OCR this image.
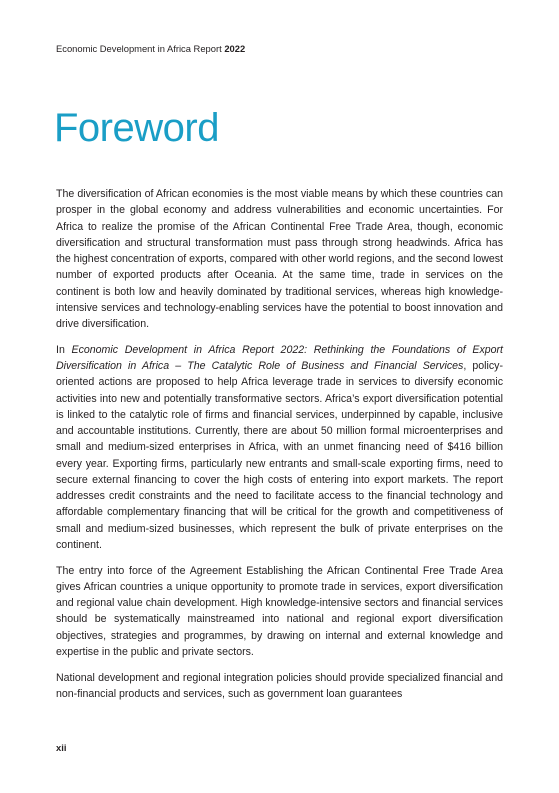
Economic Development in Africa Report 2022
Foreword

The diversification of African economies is the most viable means by which these countries can prosper in the global economy and address vulnerabilities and economic uncertainties. For Africa to realize the promise of the African Continental Free Trade Area, though, economic diversification and structural transformation must pass through strong headwinds. Africa has the highest concentration of exports, compared with other world regions, and the second lowest number of exported products after Oceania. At the same time, trade in services on the continent is both low and heavily dominated by traditional services, whereas high knowledge-intensive services and technology-enabling services have the potential to boost innovation and drive diversification.

In Economic Development in Africa Report 2022: Rethinking the Foundations of Export Diversification in Africa – The Catalytic Role of Business and Financial Services, policy-oriented actions are proposed to help Africa leverage trade in services to diversify economic activities into new and potentially transformative sectors. Africa’s export diversification potential is linked to the catalytic role of firms and financial services, underpinned by capable, inclusive and accountable institutions. Currently, there are about 50 million formal microenterprises and small and medium-sized enterprises in Africa, with an unmet financing need of $416 billion every year. Exporting firms, particularly new entrants and small-scale exporting firms, need to secure external financing to cover the high costs of entering into export markets. The report addresses credit constraints and the need to facilitate access to the financial technology and affordable complementary financing that will be critical for the growth and competitiveness of small and medium-sized businesses, which represent the bulk of private enterprises on the continent.

The entry into force of the Agreement Establishing the African Continental Free Trade Area gives African countries a unique opportunity to promote trade in services, export diversification and regional value chain development. High knowledge-intensive sectors and financial services should be systematically mainstreamed into national and regional export diversification objectives, strategies and programmes, by drawing on internal and external knowledge and expertise in the public and private sectors.

National development and regional integration policies should provide specialized financial and non-financial products and services, such as government loan guarantees

xii
